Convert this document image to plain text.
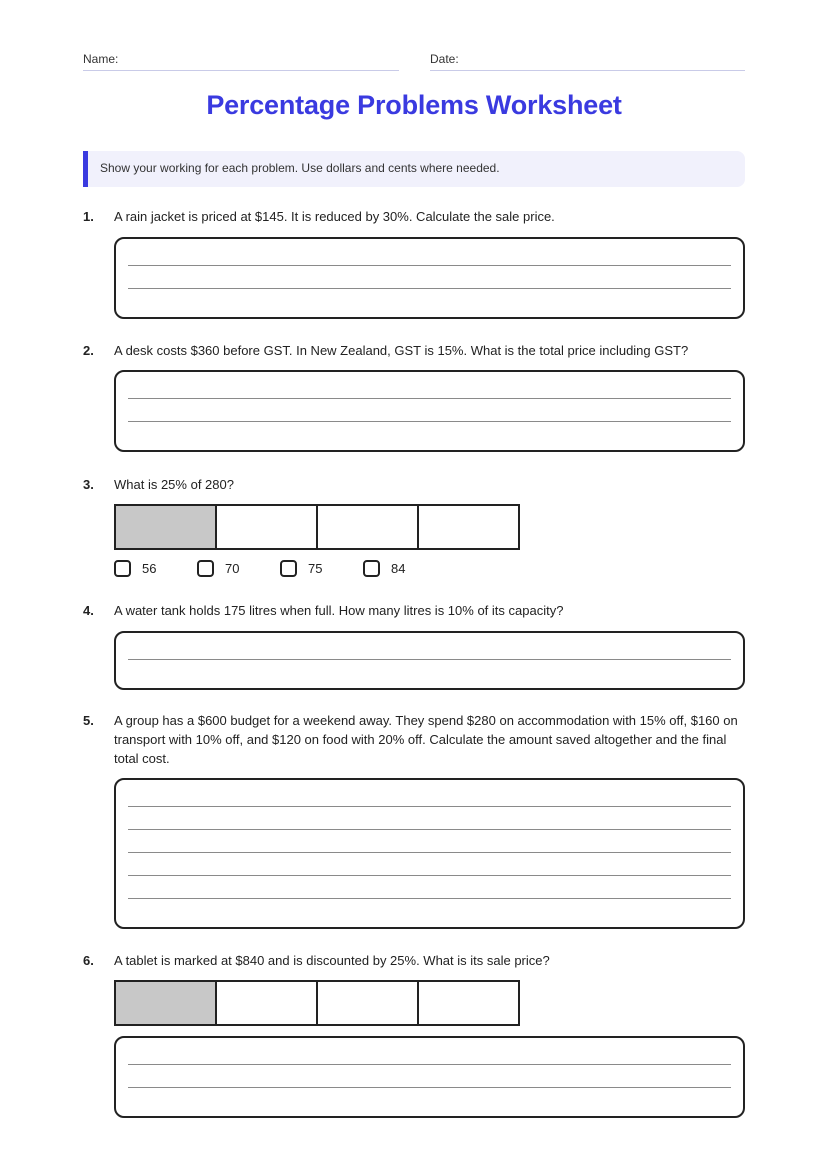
Name:	Date:
Percentage Problems Worksheet
Show your working for each problem. Use dollars and cents where needed.
1. A rain jacket is priced at $145. It is reduced by 30%. Calculate the sale price.
2. A desk costs $360 before GST. In New Zealand, GST is 15%. What is the total price including GST?
3. What is 25% of 280?
56	70	75	84
4. A water tank holds 175 litres when full. How many litres is 10% of its capacity?
5. A group has a $600 budget for a weekend away. They spend $280 on accommodation with 15% off, $160 on transport with 10% off, and $120 on food with 20% off. Calculate the amount saved altogether and the final total cost.
6. A tablet is marked at $840 and is discounted by 25%. What is its sale price?
